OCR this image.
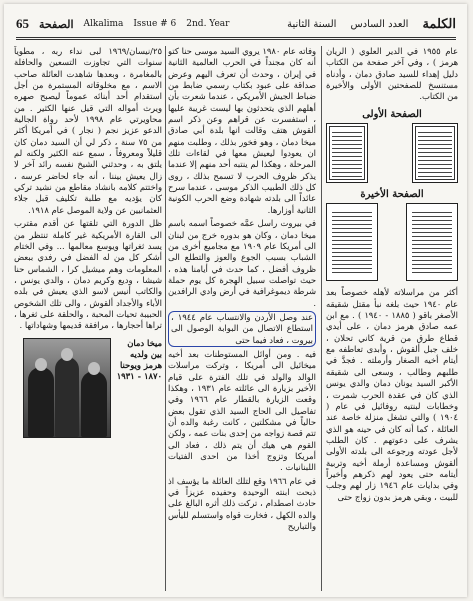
65 الصفحة Alkalima Issue # 6 2nd. Year	الكلمة
العدد السادس
السنة الثانية

عام ١٩٥٥ في الدير العلوي ( الريان هرمز ) ، وفي آخر صفحة من الكتاب دليل إهداء للسيد صادق دمان ، وأدناه مستنسخ للصفحتين الأولى والأخيرة من الكتاب.

الصفحة الأولى
الصفحة الأخيرة

أكثر من مراسلاته لأهله خصوصاً بعد عام ١٩٤٠ حيث بلغه نبأ مقتل شقيقه الأصغر باقو ( ١٨٨٥ - ١٩٤٠ ) . مع ابن عمه صادق هرمز دمان ، على أيدي قطاع طرق من قرية كاني تحلان ، خلف جبل ألقوش ، وأبدى تعاطفه مع أيتام أخيه الصغار وأرملته . فجدَّ في طلبهم وطالب ، وسعى الى شقيقه الأكبر السيد يونان دمان والدي يونس الذي كان في عقدة الحرب شمرت ، وخطابات لبنتيه روفائيل في عام ( ١٩٠٤ ) والتي تشغل منزلة خاصة عند العائلة ، كما أنه كان في حينه هو الذي يشرف على دعوتهم . كان الطلب لأجل عودته ورجوعه الى بلدته الأولى ألقوش ومساعدة أرملة أخيه وتربية أيتامه حتى يعود لهم ذكرهم وأخيراً وفي بدايات عام ١٩٤٦ زار لهم وجلب للبيت ، وبقي هرمز بدون زواج حتى

وفاته عام ١٩٨٠ يروي السيد موسى حنا كتو أنه كان مجنداً في الحرب العالمية الثانية في إيران ، وحدث أن تعرف اليهم وعرض صداقة على عبود بكتاب رسمي ضابط من ضباط الجيش الأمريكي ، عندما شعرت بأن أهلهم الذي يتحدثون بها ليست غريبة عليها ، استفسرت عن قراهم وعن ذكر اسم ألقوش هتف وقالت انها بلدة أبي صادق ميخا دمان ، وهو فخور بذلك ، وطلبت منهم ان يعودوا ليعيش معها في لقاءات تلك المرحلة ، وهكذا لم ينتبه أحد منهم إلا عندما يذكر ظروف الحرب لا تسمح بذلك ، روى كل ذلك الطبيب الذكر موسى ، عندما سرح عائداً الى بلدته شهادة وضع الحرب الكونية الثانية أوزارها.

في بيروت راسل عمَّه خصوصاً اسمه باسم ميخا دمان ، وكان هو بدوره خرج من لبنان الى أمريكا عام ١٩٠٩ مع مجاميع أخرى من الشباب بسبب الجوع والعوز والتطلع الى ظروف أفضل ، كما حدث في أيامنا هذه ، حيث تواصلت سبيل الهجرة كل يوم حملة شرطة ديموغرافية في أرض وادي الرافدين .

عند وصل الأردن والانتساب عام ١٩٤٤ ، استطاع الاتصال من البوابة الوصول الى بيروت ، فعاد فيما حتى

فيه . ومن أوائل المستوطنات بعد أخيه ميخائيل الى أمريكا ، وتركت مراسلات الوالد والولد في تلك الفترة على قيام الأخير بزيارة الى عائلته عام ١٩٣١ ، وهكذا وقعت الزيارة بالقطار عام ١٩٦٦ وفي تفاصيل الى الحاج السيد الذي تقول بعض حالياً في مشكلتين ، كانت رغبة والده أن تتم قصة زواجه من إحدى بنات عمه ، ولكن القوم هي هيك أن يتم ذلك ، فعاد الى أمريكا وتزوج أخذا من احدى الفتيات اللبنانيات .

في عام ١٩٦٦ وقع لتلك العائلة ما يؤسف اذ ذبحت ابنته الوحيدة وحفيده عزيزاً في حادث اصطدام ، تركت ذلك أثره البالغ على والده الكهل ، فخارت قواه واستسلم لليأس والتباريح

٢٥/نيسان/١٩٦٩ لبى نداء ربه ، مطوياً سنوات التي تجاوزت التسعين والحافلة بالمغامرة ، وبعدها شاهدت العائلة صاحب الاسم ، مع مخلوقاته المستمرة من أجل استقدام أحد أبنائه عموماً ليصبح صهره ويرث أمواله التي قيل عنها الكثير . من محاويرتي عام ١٩٩٨ لأحد رواة الجالية الدعو عزيز نجم ( نجار ) في أمريكا أكثر من ٧٥ سنة ، ذكر لي أن السيد دمان كان قليلاً ومعروفاً ، سمع عنه الكثير ولكنه لم يلتق به ، وحدثني الشيخ نفسه رائد آخر لا زال يعيش بيننا ، أنه جاء لحاضر عرسه ، واختتم كلامه بانشاد مقاطع من نشيد تركي كان يؤديه مع طلبة تكليف قبل جلاء العثمانيين عن ولاية الموصل عام ١٩١٨.

ظل الدورة التي تلقتها عن أقدم مقترب الى القارة الأمريكية غير كاملة تنتظر من يسد ثغراتها ويوسع معالمها ... وفي الختام أشكر كل من له الفضل في رفدي ببعض المعلومات وهم ميشيل كرا ، الشماس حنا شيشا ، وديع وكريم دمان ، والدي يونس ، والكاتب أنيس لاسو الذي يعيش في بلده الأباء والأجداد ألقوش ، والى تلك الشخوص الحبيبة تحيات المحبة ، والحلقة على ثغرها ، تراها أحجارها ، مرافقة قديمها وشهاداتها .

ميخا دمان
بين ولديه
هرمز ويوحنا
١٨٧٠ - ١٩٣١
